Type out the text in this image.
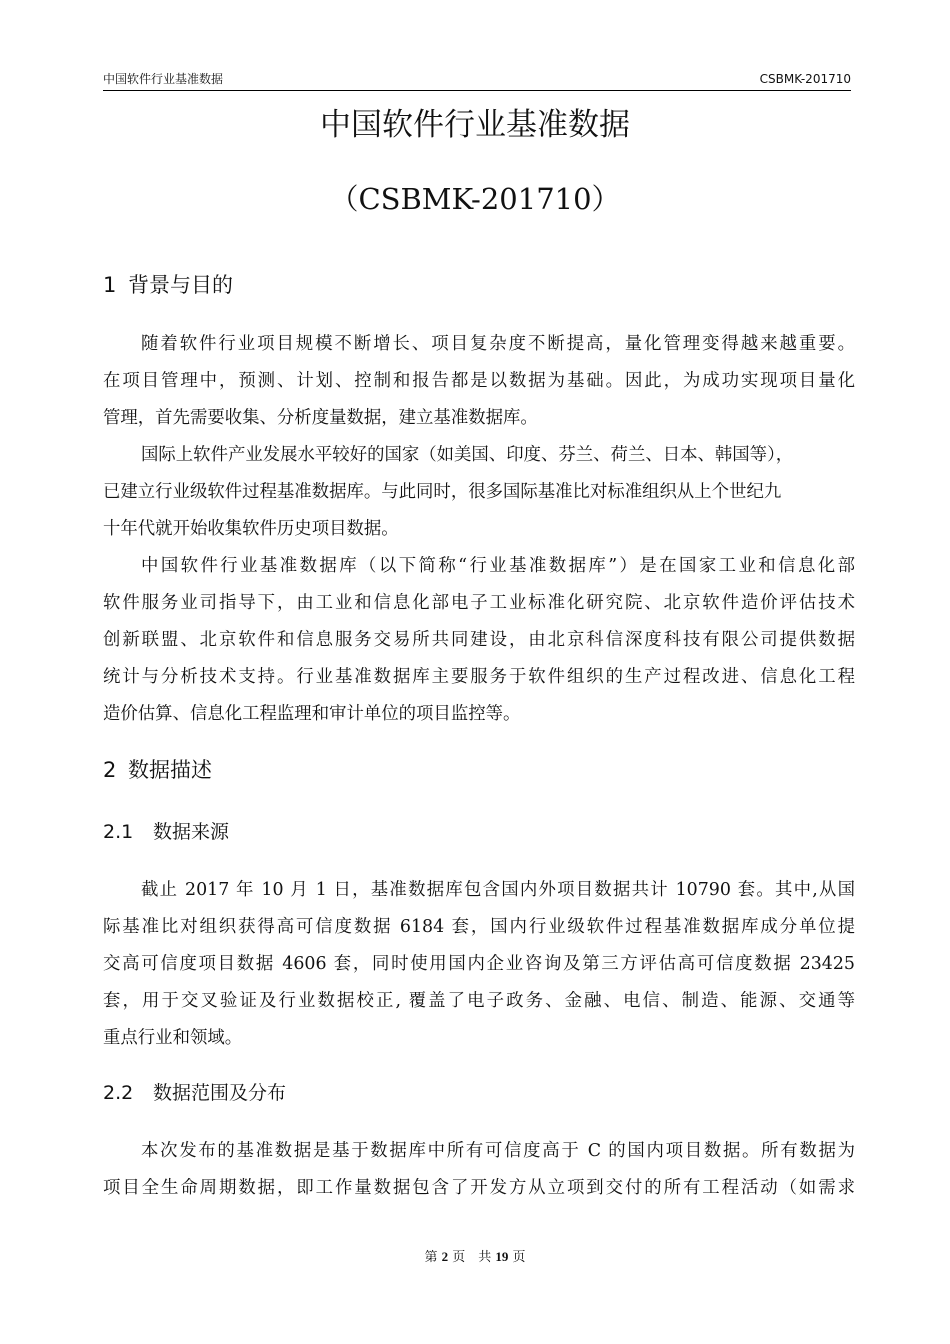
中国软件行业基准数据	CSBMK-201710
中国软件行业基准数据
（CSBMK-201710）
1 背景与目的
随着软件行业项目规模不断增长、项目复杂度不断提高，量化管理变得越来越重要。
在项目管理中，预测、计划、控制和报告都是以数据为基础。因此，为成功实现项目量化
管理，首先需要收集、分析度量数据，建立基准数据库。
国际上软件产业发展水平较好的国家（如美国、印度、芬兰、荷兰、日本、韩国等），
已建立行业级软件过程基准数据库。与此同时，很多国际基准比对标准组织从上个世纪九
十年代就开始收集软件历史项目数据。
中国软件行业基准数据库（以下简称“行业基准数据库”）是在国家工业和信息化部
软件服务业司指导下，由工业和信息化部电子工业标准化研究院、北京软件造价评估技术
创新联盟、北京软件和信息服务交易所共同建设，由北京科信深度科技有限公司提供数据
统计与分析技术支持。行业基准数据库主要服务于软件组织的生产过程改进、信息化工程
造价估算、信息化工程监理和审计单位的项目监控等。
2 数据描述
2.1 数据来源
截止 2017 年 10 月 1 日，基准数据库包含国内外项目数据共计 10790 套。其中,从国
际基准比对组织获得高可信度数据 6184 套，国内行业级软件过程基准数据库成分单位提
交高可信度项目数据 4606 套，同时使用国内企业咨询及第三方评估高可信度数据 23425
套，用于交叉验证及行业数据校正, 覆盖了电子政务、金融、电信、制造、能源、交通等
重点行业和领域。
2.2 数据范围及分布
本次发布的基准数据是基于数据库中所有可信度高于 C 的国内项目数据。所有数据为
项目全生命周期数据，即工作量数据包含了开发方从立项到交付的所有工程活动（如需求
第 2 页　共 19 页
